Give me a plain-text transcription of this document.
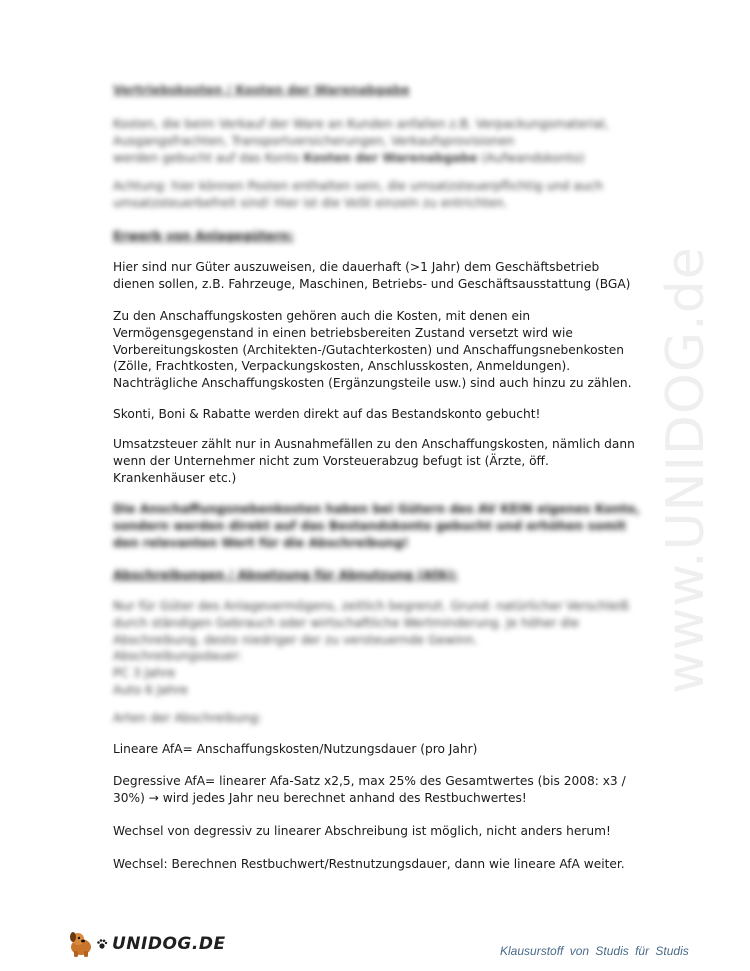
www.UNIDOG.de

Vertriebskosten / Kosten der Warenabgabe

Kosten, die beim Verkauf der Ware an Kunden anfallen z.B. Verpackungsmaterial,

Ausgangsfrachten, Transportversicherungen, Verkaufsprovisionen

werden gebucht auf das Konto Kosten der Warenabgabe (Aufwandskonto)

Achtung: hier können Posten enthalten sein, die umsatzsteuerpflichtig und auch

umsatzsteuerbefreit sind! Hier ist die VoSt einzeln zu entrichten.

Erwerb von Anlagegütern:

Hier sind nur Güter auszuweisen, die dauerhaft (>1 Jahr) dem Geschäftsbetrieb dienen sollen, z.B. Fahrzeuge, Maschinen, Betriebs- und Geschäftsausstattung (BGA)

Zu den Anschaffungskosten gehören auch die Kosten, mit denen ein Vermögensgegenstand in einen betriebsbereiten Zustand versetzt wird wie Vorbereitungskosten (Architekten-/Gutachterkosten) und Anschaffungsnebenkosten (Zölle, Frachtkosten, Verpackungskosten, Anschlusskosten, Anmeldungen). Nachträgliche Anschaffungskosten (Ergänzungsteile usw.) sind auch hinzu zu zählen.

Skonti, Boni & Rabatte werden direkt auf das Bestandskonto gebucht!

Umsatzsteuer zählt nur in Ausnahmefällen zu den Anschaffungskosten, nämlich dann wenn der Unternehmer nicht zum Vorsteuerabzug befugt ist (Ärzte, öff. Krankenhäuser etc.)

Die Anschaffungsnebenkosten haben bei Gütern des AV KEIN eigenes Konto, sondern werden direkt auf das Bestandskonto gebucht und erhöhen somit den relevanten Wert für die Abschreibung!

Abschreibungen / Absetzung für Abnutzung (AfA):

Nur für Güter des Anlagevermögens, zeitlich begrenzt. Grund: natürlicher Verschleiß durch ständigen Gebrauch oder wirtschaftliche Wertminderung. Je höher die Abschreibung, desto niedriger der zu versteuernde Gewinn.

Abschreibungsdauer:

PC 3 Jahre

Auto 6 Jahre

Arten der Abschreibung:

Lineare AfA= Anschaffungskosten/Nutzungsdauer (pro Jahr)

Degressive AfA= linearer Afa-Satz x2,5, max 25% des Gesamtwertes (bis 2008: x3 / 30%) → wird jedes Jahr neu berechnet anhand des Restbuchwertes!

Wechsel von degressiv zu linearer Abschreibung ist möglich, nicht anders herum!

Wechsel: Berechnen Restbuchwert/Restnutzungsdauer, dann wie lineare AfA weiter.

UNIDOG.DE	Klausurstoff von Studis für Studis
